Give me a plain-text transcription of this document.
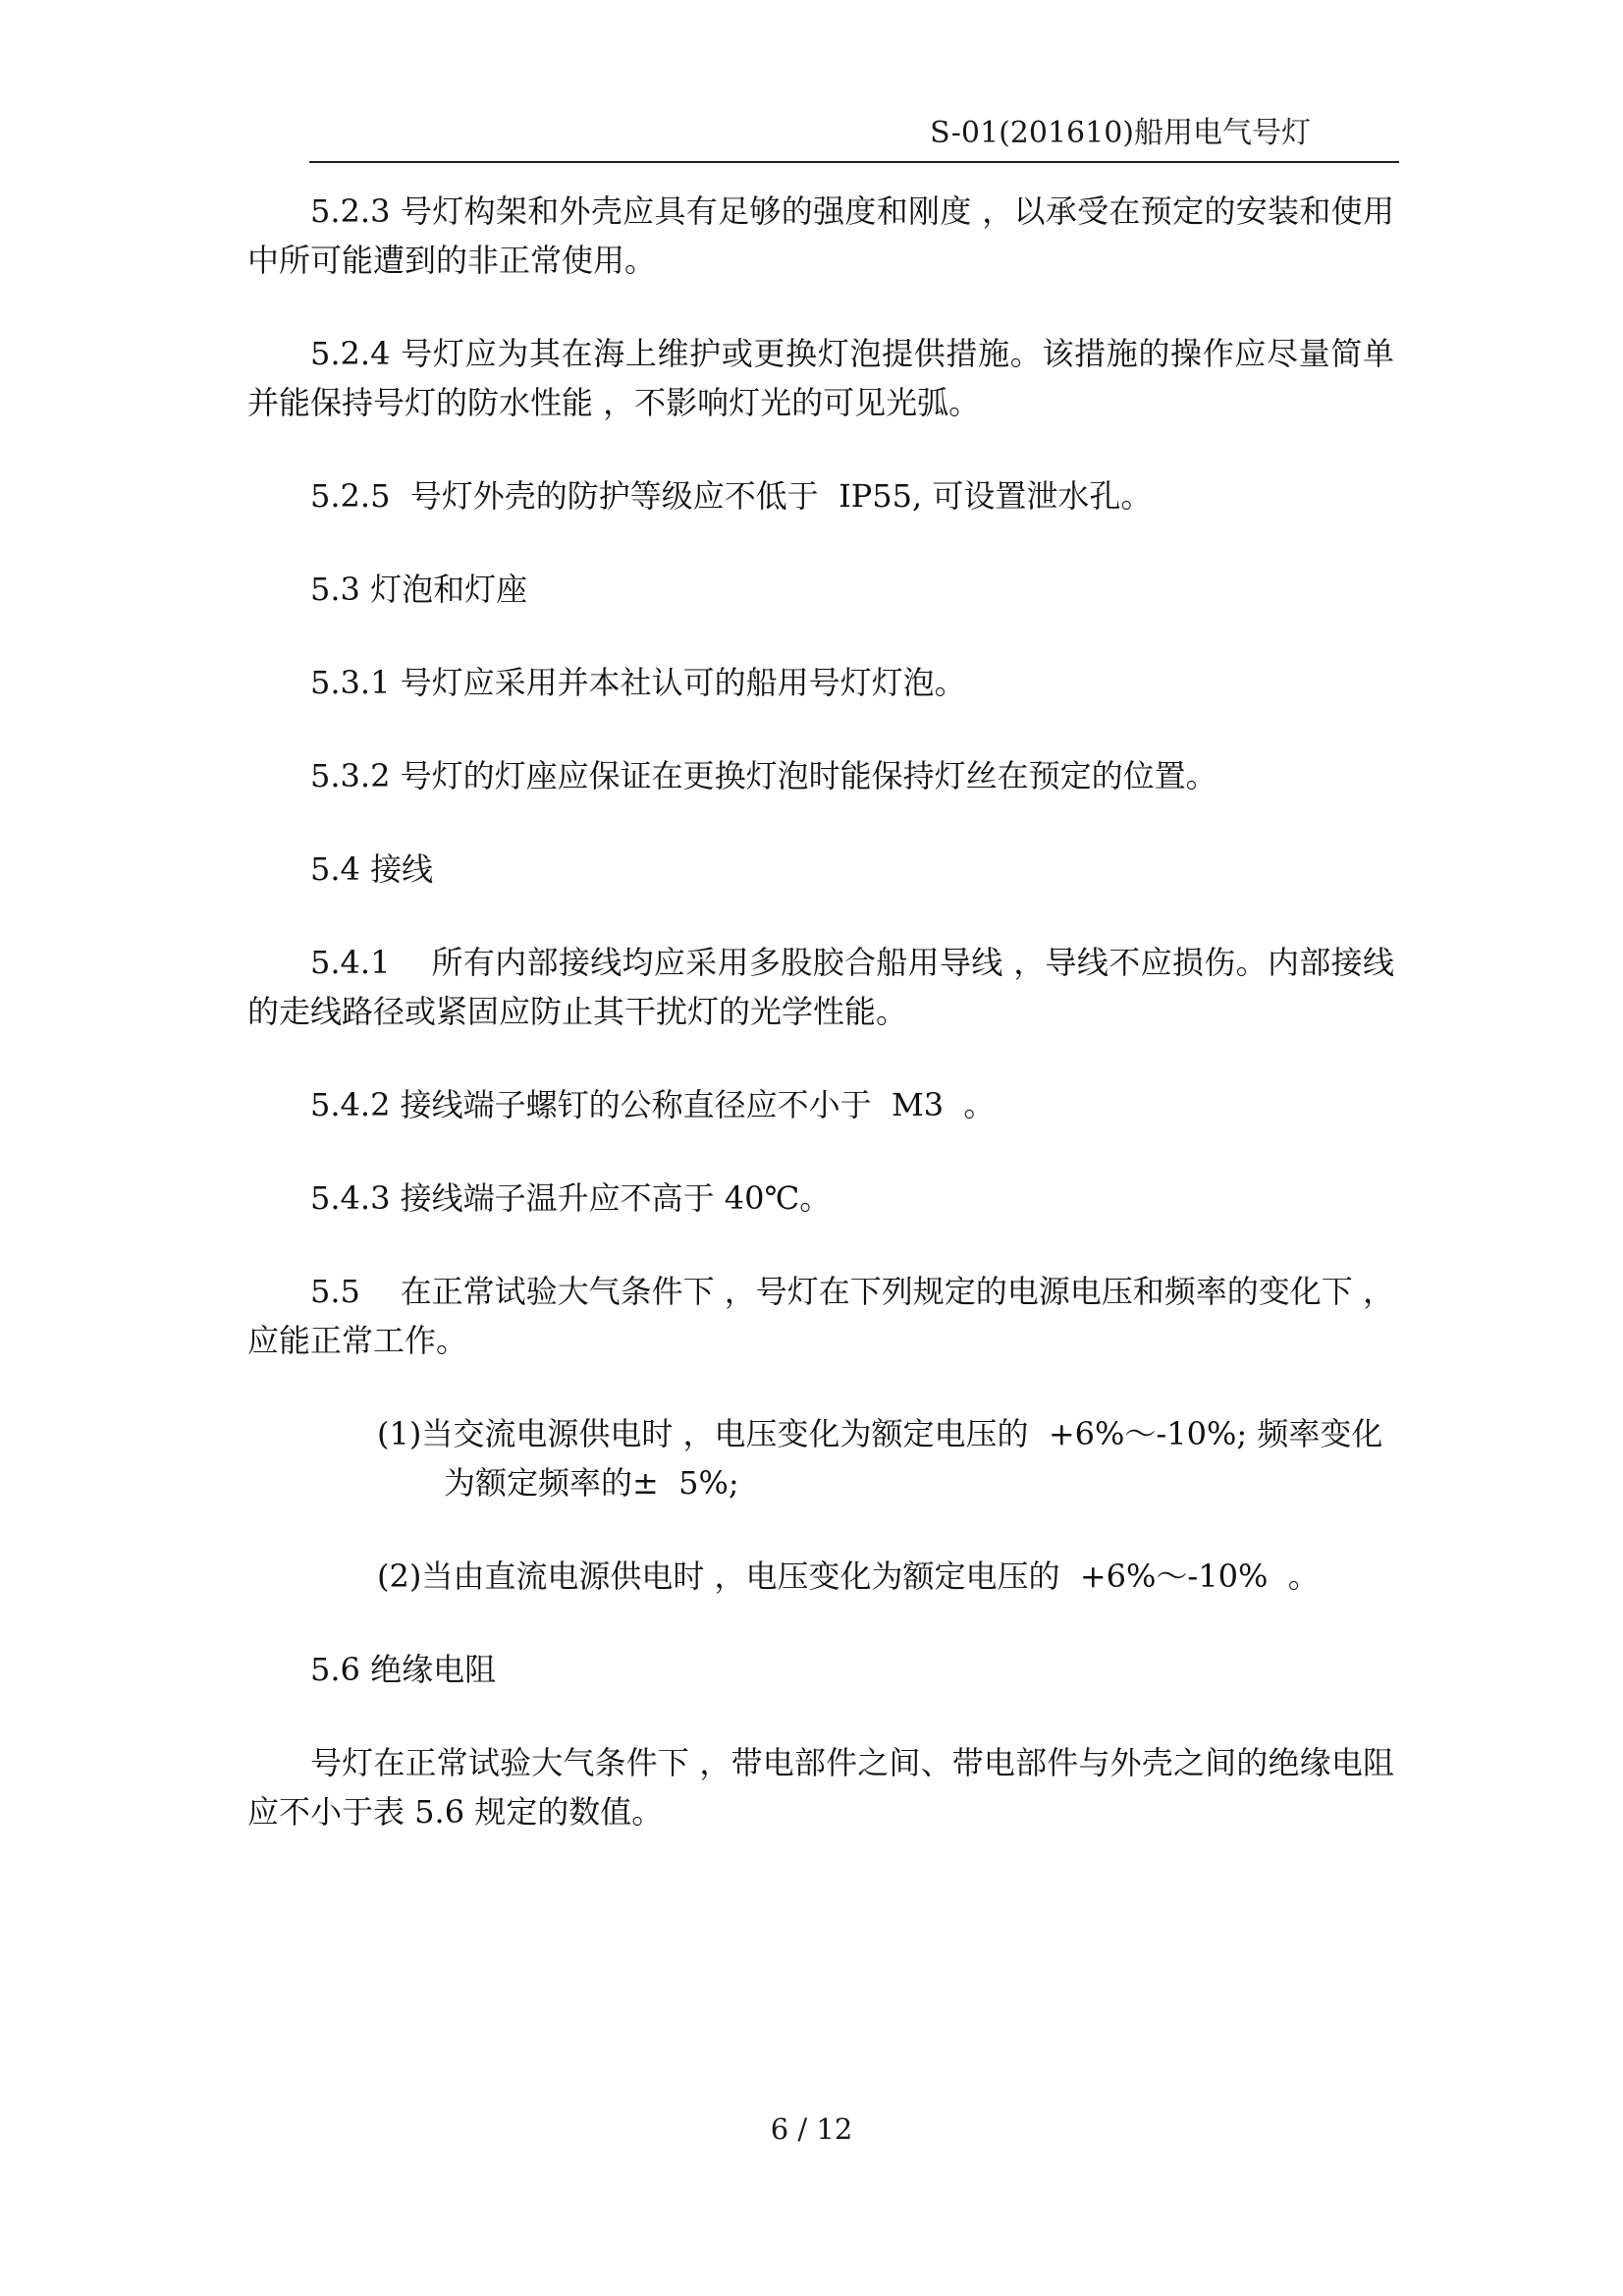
S-01(201610)船用电气号灯

5.2.3 号灯构架和外壳应具有足够的强度和刚度 ，以承受在预定的安装和使用中所可能遭到的非正常使用。

5.2.4 号灯应为其在海上维护或更换灯泡提供措施。该措施的操作应尽量简单并能保持号灯的防水性能 ，不影响灯光的可见光弧。

5.2.5  号灯外壳的防护等级应不低于  IP55, 可设置泄水孔。

5.3 灯泡和灯座

5.3.1 号灯应采用并本社认可的船用号灯灯泡。

5.3.2 号灯的灯座应保证在更换灯泡时能保持灯丝在预定的位置。

5.4 接线

5.4.1    所有内部接线均应采用多股胶合船用导线 ，导线不应损伤。内部接线的走线路径或紧固应防止其干扰灯的光学性能。

5.4.2 接线端子螺钉的公称直径应不小于  M3  。

5.4.3 接线端子温升应不高于 40℃。

5.5    在正常试验大气条件下 ，号灯在下列规定的电源电压和频率的变化下 ，应能正常工作。

(1)当交流电源供电时 ，电压变化为额定电压的  +6%～-10%; 频率变化为额定频率的±  5%;

(2)当由直流电源供电时 ，电压变化为额定电压的  +6%～-10%  。

5.6 绝缘电阻

号灯在正常试验大气条件下 ，带电部件之间、带电部件与外壳之间的绝缘电阻应不小于表 5.6 规定的数值。

6 / 12
